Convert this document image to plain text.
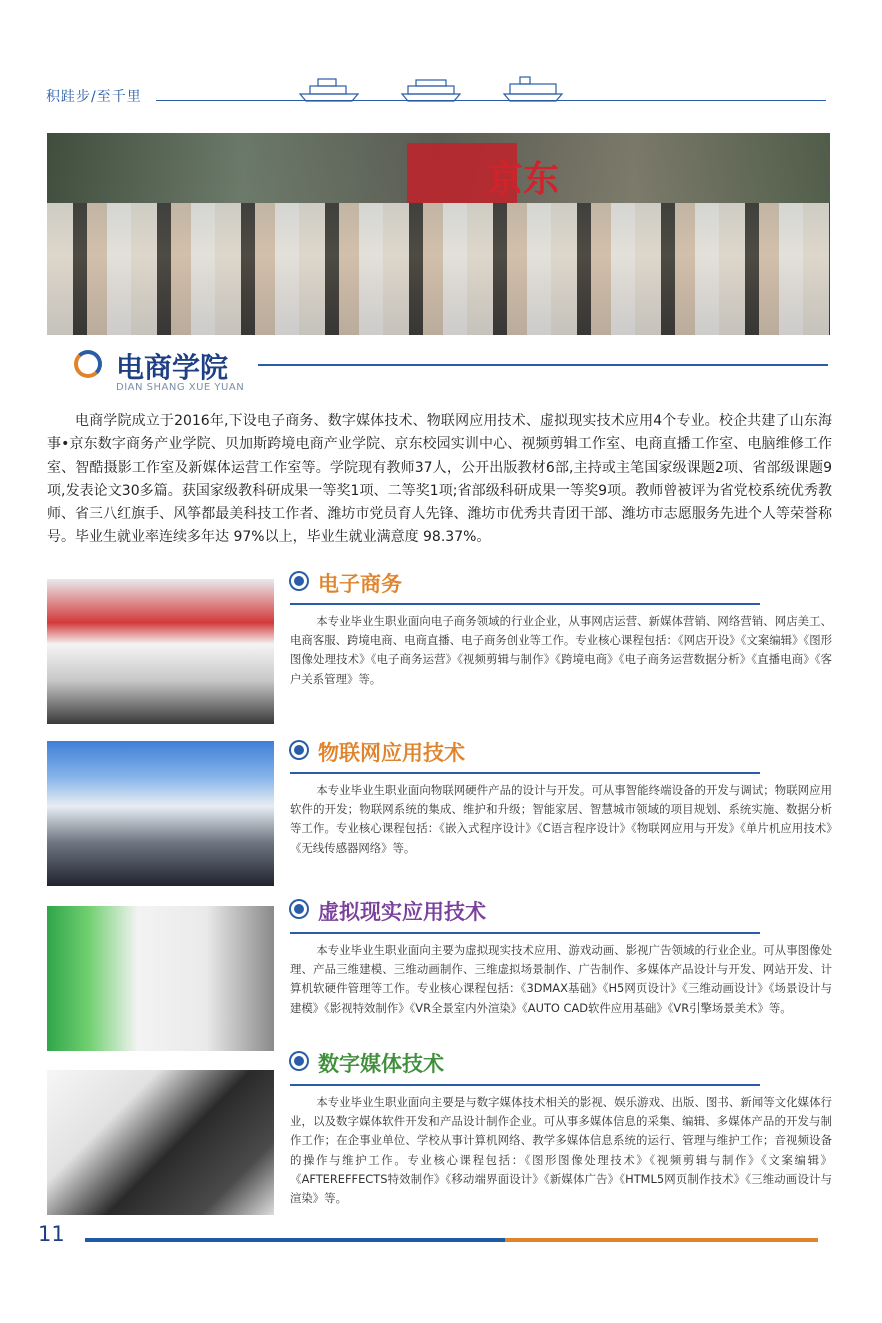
积跬步/至千里
京东
电商学院
DIAN SHANG XUE YUAN
电商学院成立于2016年,下设电子商务、数字媒体技术、物联网应用技术、虚拟现实技术应用4个专业。校企共建了山东海事•京东数字商务产业学院、贝加斯跨境电商产业学院、京东校园实训中心、视频剪辑工作室、电商直播工作室、电脑维修工作室、智酷摄影工作室及新媒体运营工作室等。学院现有教师37人，公开出版教材6部,主持或主笔国家级课题2项、省部级课题9项,发表论文30多篇。获国家级教科研成果一等奖1项、二等奖1项;省部级科研成果一等奖9项。教师曾被评为省党校系统优秀教师、省三八红旗手、风筝都最美科技工作者、潍坊市党员育人先锋、潍坊市优秀共青团干部、潍坊市志愿服务先进个人等荣誉称号。毕业生就业率连续多年达 97%以上，毕业生就业满意度 98.37%。
电子商务
本专业毕业生职业面向电子商务领域的行业企业，从事网店运营、新媒体营销、网络营销、网店美工、电商客服、跨境电商、电商直播、电子商务创业等工作。专业核心课程包括：《网店开设》《文案编辑》《图形图像处理技术》《电子商务运营》《视频剪辑与制作》《跨境电商》《电子商务运营数据分析》《直播电商》《客户关系管理》等。
物联网应用技术
本专业毕业生职业面向物联网硬件产品的设计与开发。可从事智能终端设备的开发与调试；物联网应用软件的开发；物联网系统的集成、维护和升级；智能家居、智慧城市领域的项目规划、系统实施、数据分析等工作。专业核心课程包括：《嵌入式程序设计》《C语言程序设计》《物联网应用与开发》《单片机应用技术》《无线传感器网络》等。
虚拟现实应用技术
本专业毕业生职业面向主要为虚拟现实技术应用、游戏动画、影视广告领域的行业企业。可从事图像处理、产品三维建模、三维动画制作、三维虚拟场景制作、广告制作、多媒体产品设计与开发、网站开发、计算机软硬件管理等工作。专业核心课程包括：《3DMAX基础》《H5网页设计》《三维动画设计》《场景设计与建模》《影视特效制作》《VR全景室内外渲染》《AUTO CAD软件应用基础》《VR引擎场景美术》等。
数字媒体技术
本专业毕业生职业面向主要是与数字媒体技术相关的影视、娱乐游戏、出版、图书、新闻等文化媒体行业，以及数字媒体软件开发和产品设计制作企业。可从事多媒体信息的采集、编辑、多媒体产品的开发与制作工作；在企事业单位、学校从事计算机网络、教学多媒体信息系统的运行、管理与维护工作；音视频设备的操作与维护工作。专业核心课程包括：《图形图像处理技术》《视频剪辑与制作》《文案编辑》《AFTEREFFECTS特效制作》《移动端界面设计》《新媒体广告》《HTML5网页制作技术》《三维动画设计与渲染》等。
11
